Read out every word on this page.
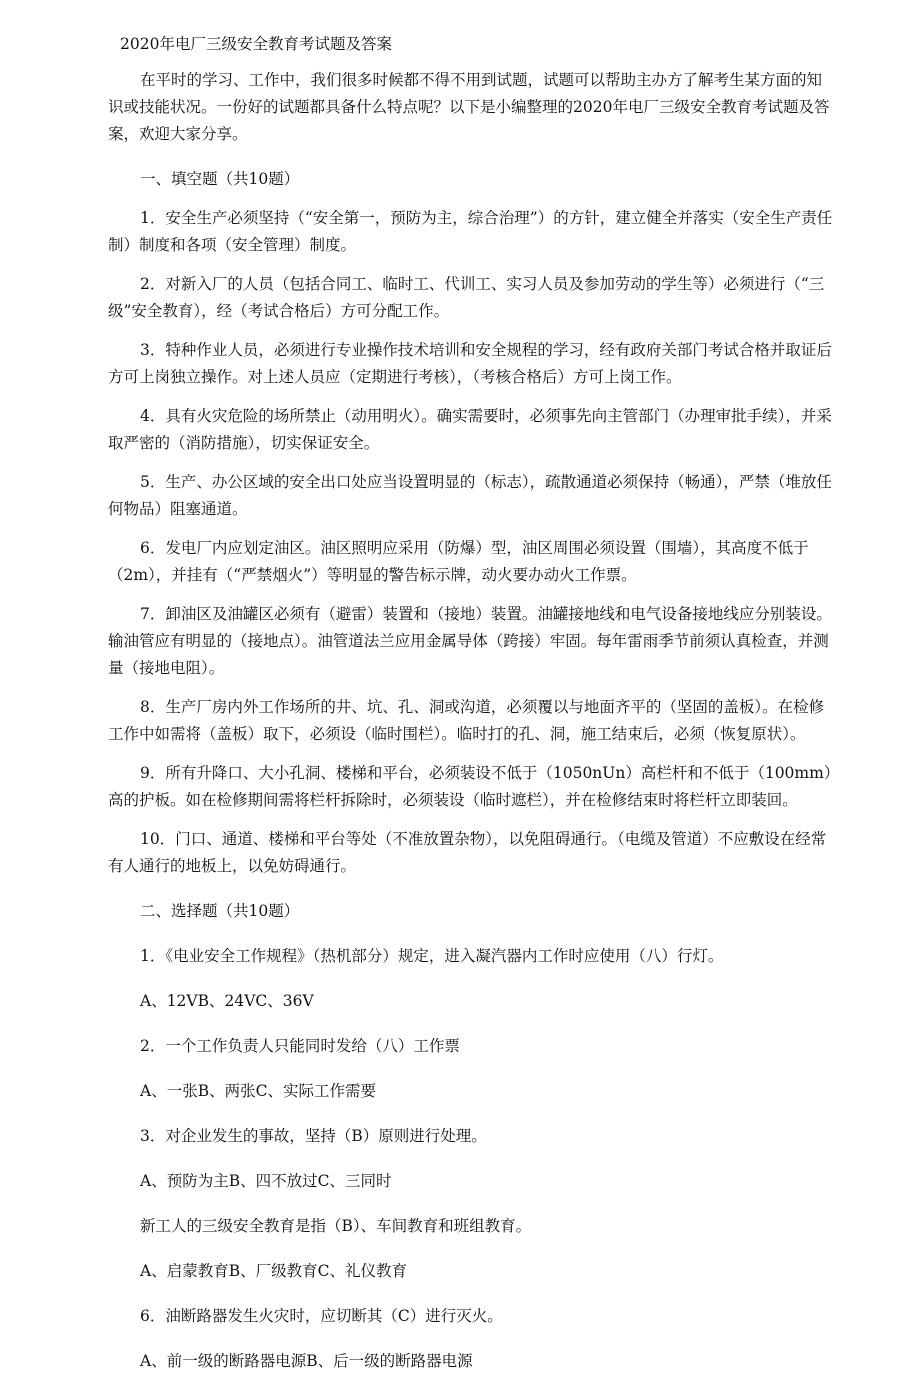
2020年电厂三级安全教育考试题及答案

在平时的学习、工作中，我们很多时候都不得不用到试题，试题可以帮助主办方了解考生某方面的知识或技能状况。一份好的试题都具备什么特点呢？以下是小编整理的2020年电厂三级安全教育考试题及答案，欢迎大家分享。

一、填空题（共10题）

1．安全生产必须坚持（“安全第一，预防为主，综合治理”）的方针，建立健全并落实（安全生产责任制）制度和各项（安全管理）制度。

2．对新入厂的人员（包括合同工、临时工、代训工、实习人员及参加劳动的学生等）必须进行（“三级”安全教育），经（考试合格后）方可分配工作。

3．特种作业人员，必须进行专业操作技术培训和安全规程的学习，经有政府关部门考试合格并取证后方可上岗独立操作。对上述人员应（定期进行考核），（考核合格后）方可上岗工作。

4．具有火灾危险的场所禁止（动用明火）。确实需要时，必须事先向主管部门（办理审批手续），并采取严密的（消防措施），切实保证安全。

5．生产、办公区域的安全出口处应当设置明显的（标志），疏散通道必须保持（畅通），严禁（堆放任何物品）阻塞通道。

6．发电厂内应划定油区。油区照明应采用（防爆）型，油区周围必须设置（围墙），其高度不低于（2m），并挂有（“严禁烟火”）等明显的警告标示牌，动火要办动火工作票。

7．卸油区及油罐区必须有（避雷）装置和（接地）装置。油罐接地线和电气设备接地线应分别装设。输油管应有明显的（接地点）。油管道法兰应用金属导体（跨接）牢固。每年雷雨季节前须认真检查，并测量（接地电阻）。

8．生产厂房内外工作场所的井、坑、孔、洞或沟道，必须覆以与地面齐平的（坚固的盖板）。在检修工作中如需将（盖板）取下，必须设（临时围栏）。临时打的孔、洞，施工结束后，必须（恢复原状）。

9．所有升降口、大小孔洞、楼梯和平台，必须装设不低于（1050nUn）高栏杆和不低于（100mm）高的护板。如在检修期间需将栏杆拆除时，必须装设（临时遮栏），并在检修结束时将栏杆立即装回。

10．门口、通道、楼梯和平台等处（不准放置杂物），以免阻碍通行。（电缆及管道）不应敷设在经常有人通行的地板上，以免妨碍通行。

二、选择题（共10题）

1．《电业安全工作规程》（热机部分）规定，进入凝汽器内工作时应使用（八）行灯。

A、12VB、24VC、36V

2．一个工作负责人只能同时发给（八）工作票

A、一张B、两张C、实际工作需要

3．对企业发生的事故，坚持（B）原则进行处理。

A、预防为主B、四不放过C、三同时

新工人的三级安全教育是指（B）、车间教育和班组教育。

A、启蒙教育B、厂级教育C、礼仪教育

6．油断路器发生火灾时，应切断其（C）进行灭火。

A、前一级的断路器电源B、后一级的断路器电源
